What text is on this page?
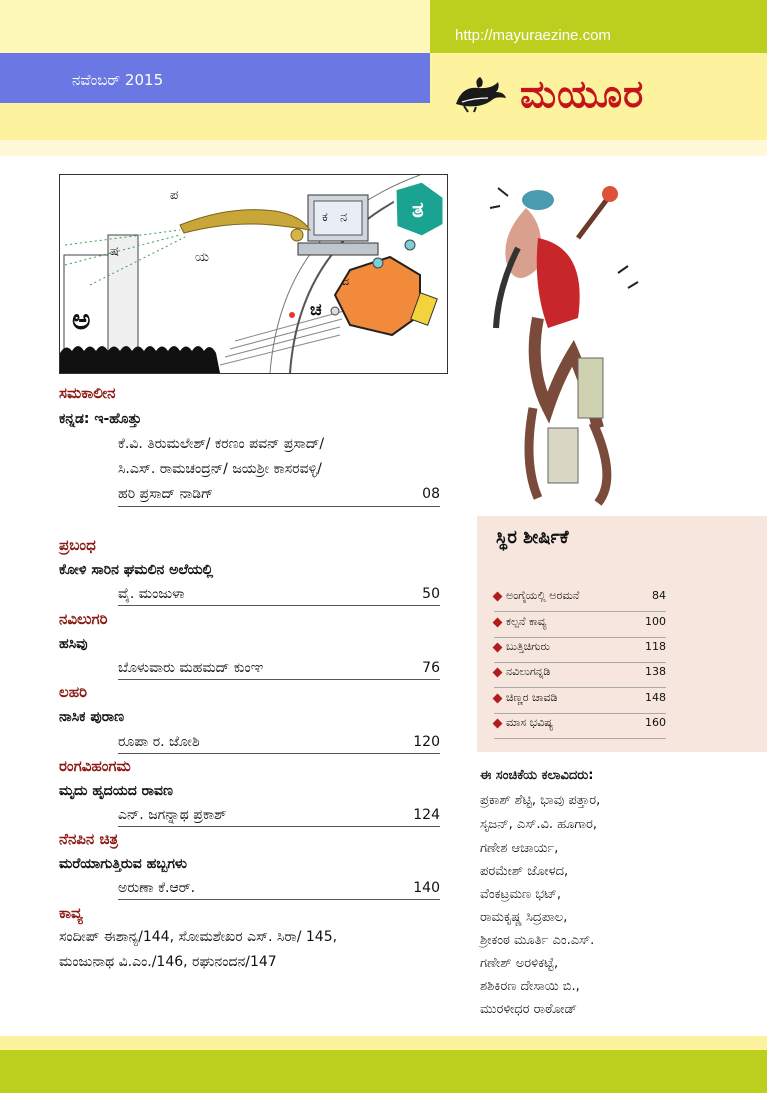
http://mayuraezine.com
ನವೆಂಬರ್ 2015	ಮಯೂರ
ಪ
ಕ ನ	ತ
ಷ	ಯ
ದ
ಅ	ಚ
ಸಮಕಾಲೀನ
ಕನ್ನಡ: ಇ-ಹೊತ್ತು
ಕೆ.ವಿ. ತಿರುಮಲೇಶ್/ ಕರಣಂ ಪವನ್ ಪ್ರಸಾದ್/
ಸಿ.ಎಸ್. ರಾಮಚಂದ್ರನ್/ ಜಯಶ್ರೀ ಕಾಸರವಳ್ಳಿ/
ಹರಿ ಪ್ರಸಾದ್ ನಾಡಿಗ್	08
ಪ್ರಬಂಧ
ಕೋಳಿ ಸಾರಿನ ಘಮಲಿನ ಅಲೆಯಲ್ಲಿ
ವೈ. ಮಂಜುಳಾ	50
ನವಿಲುಗರಿ
ಹಸಿವು
ಬೊಳುವಾರು ಮಹಮದ್ ಕುಂಞ	76
ಲಹರಿ
ನಾಸಿಕ ಪುರಾಣ
ರೂಪಾ ರ. ಜೋಶಿ	120
ರಂಗವಿಹಂಗಮ
ಮೃದು ಹೃದಯದ ರಾವಣ
ಎನ್. ಜಗನ್ನಾಥ ಪ್ರಕಾಶ್	124
ನೆನಪಿನ ಚಿತ್ರ
ಮರೆಯಾಗುತ್ತಿರುವ ಹಬ್ಬಗಳು
ಅರುಣಾ ಕೆ.ಆರ್.	140
ಕಾವ್ಯ
ಸಂದೀಪ್ ಈಶಾನ್ಯ/144, ಸೋಮಶೇಖರ ಎಸ್. ಸಿರಾ/ 145,
ಮಂಜುನಾಥ ವಿ.ಎಂ./146, ರಘುನಂದನ/147
ಸ್ಥಿರ ಶೀರ್ಷಿಕೆ
ಅಂಗೈಯಲ್ಲಿ ಅರಮನೆ	84
ಕಲ್ಪನೆ ಕಾವ್ಯ	100
ಬುತ್ತಿಚಿಗುರು	118
ನವಿಲುಗನ್ನಡಿ	138
ಚಿಣ್ಣರ ಚಾವಡಿ	148
ಮಾಸ ಭವಿಷ್ಯ	160
ಈ ಸಂಚಿಕೆಯ ಕಲಾವಿದರು:
ಪ್ರಕಾಶ್ ಶೆಟ್ಟಿ, ಭಾವು ಪತ್ತಾರ,
ಸೃಜನ್, ಎಸ್.ವಿ. ಹೂಗಾರ,
ಗಣೇಶ ಆಚಾರ್ಯ,
ಪರಮೇಶ್ ಜೋಳದ,
ವೆಂಕಟ್ರಮಣ ಭಟ್,
ರಾಮಕೃಷ್ಣ ಸಿದ್ರಪಾಲ,
ಶ್ರೀಕಂಠ ಮೂರ್ತಿ ಎಂ.ಎಸ್.
ಗಣೇಶ್ ಅರಳಿಕಟ್ಟೆ,
ಶಶಿಕಿರಣ ದೇಸಾಯಿ ಬಿ.,
ಮುರಳೀಧರ ರಾಠೋಡ್
